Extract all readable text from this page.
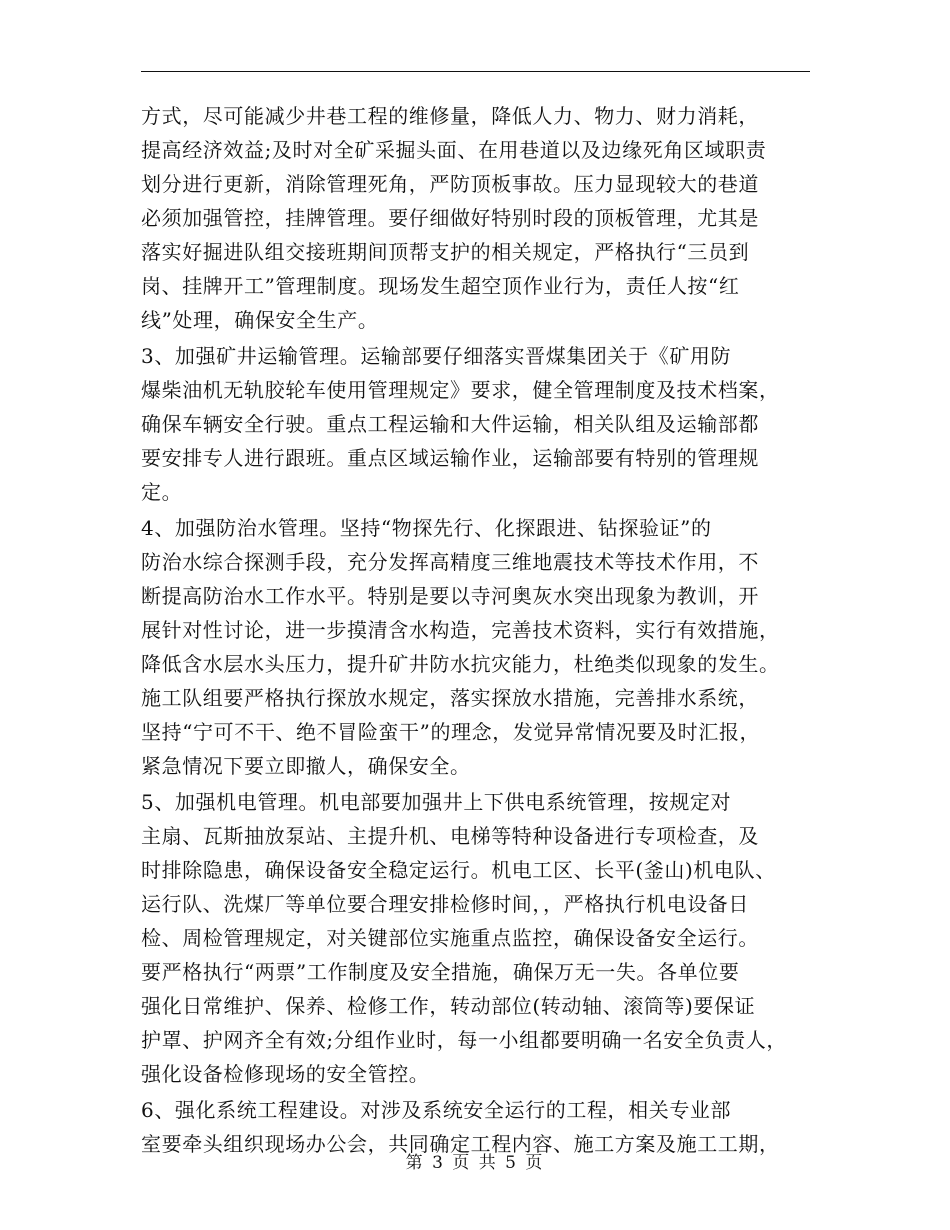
方式，尽可能减少井巷工程的维修量，降低人力、物力、财力消耗，
提高经济效益;及时对全矿采掘头面、在用巷道以及边缘死角区域职责
划分进行更新，消除管理死角，严防顶板事故。压力显现较大的巷道
必须加强管控，挂牌管理。要仔细做好特别时段的顶板管理，尤其是
落实好掘进队组交接班期间顶帮支护的相关规定，严格执行“三员到
岗、挂牌开工”管理制度。现场发生超空顶作业行为，责任人按“红
线”处理，确保安全生产。
3、加强矿井运输管理。运输部要仔细落实晋煤集团关于《矿用防
爆柴油机无轨胶轮车使用管理规定》要求，健全管理制度及技术档案，
确保车辆安全行驶。重点工程运输和大件运输，相关队组及运输部都
要安排专人进行跟班。重点区域运输作业，运输部要有特别的管理规
定。
4、加强防治水管理。坚持“物探先行、化探跟进、钻探验证”的
防治水综合探测手段，充分发挥高精度三维地震技术等技术作用，不
断提高防治水工作水平。特别是要以寺河奥灰水突出现象为教训，开
展针对性讨论，进一步摸清含水构造，完善技术资料，实行有效措施，
降低含水层水头压力，提升矿井防水抗灾能力，杜绝类似现象的发生。
施工队组要严格执行探放水规定，落实探放水措施，完善排水系统，
坚持“宁可不干、绝不冒险蛮干”的理念，发觉异常情况要及时汇报，
紧急情况下要立即撤人，确保安全。
5、加强机电管理。机电部要加强井上下供电系统管理，按规定对
主扇、瓦斯抽放泵站、主提升机、电梯等特种设备进行专项检查，及
时排除隐患，确保设备安全稳定运行。机电工区、长平(釜山)机电队、
运行队、洗煤厂等单位要合理安排检修时间，，严格执行机电设备日
检、周检管理规定，对关键部位实施重点监控，确保设备安全运行。
要严格执行“两票”工作制度及安全措施，确保万无一失。各单位要
强化日常维护、保养、检修工作，转动部位(转动轴、滚筒等)要保证
护罩、护网齐全有效;分组作业时，每一小组都要明确一名安全负责人，
强化设备检修现场的安全管控。
6、强化系统工程建设。对涉及系统安全运行的工程，相关专业部
室要牵头组织现场办公会，共同确定工程内容、施工方案及施工工期，
第 3 页 共 5 页
